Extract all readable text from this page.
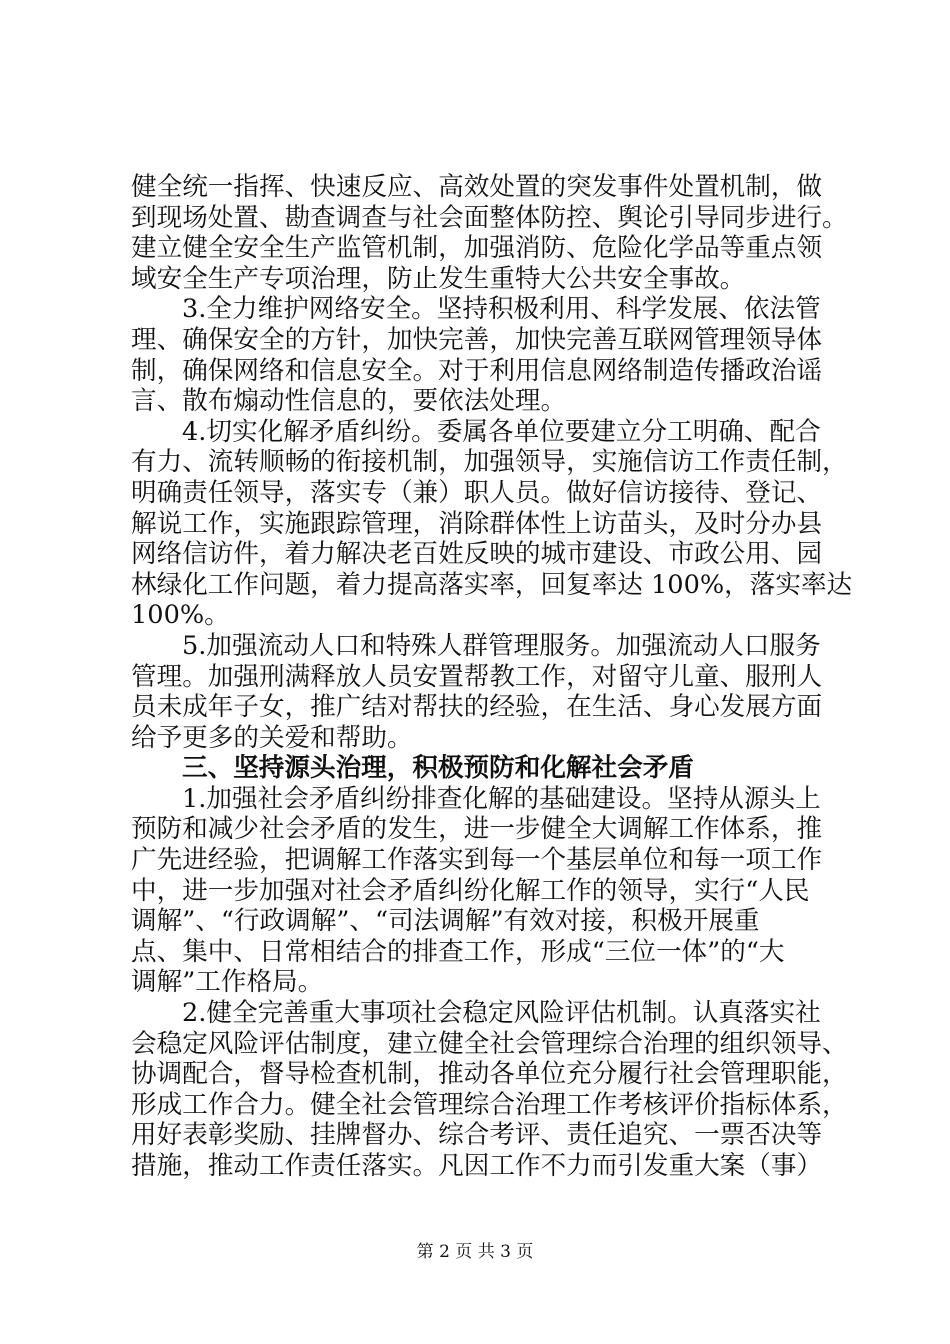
健全统一指挥、快速反应、高效处置的突发事件处置机制，做
到现场处置、勘查调查与社会面整体防控、舆论引导同步进行。
建立健全安全生产监管机制，加强消防、危险化学品等重点领
域安全生产专项治理，防止发生重特大公共安全事故。
3.全力维护网络安全。坚持积极利用、科学发展、依法管
理、确保安全的方针，加快完善，加快完善互联网管理领导体
制，确保网络和信息安全。对于利用信息网络制造传播政治谣
言、散布煽动性信息的，要依法处理。
4.切实化解矛盾纠纷。委属各单位要建立分工明确、配合
有力、流转顺畅的衔接机制，加强领导，实施信访工作责任制，
明确责任领导，落实专（兼）职人员。做好信访接待、登记、
解说工作，实施跟踪管理，消除群体性上访苗头，及时分办县
网络信访件，着力解决老百姓反映的城市建设、市政公用、园
林绿化工作问题，着力提高落实率，回复率达 100%，落实率达
100%。
5.加强流动人口和特殊人群管理服务。加强流动人口服务
管理。加强刑满释放人员安置帮教工作，对留守儿童、服刑人
员未成年子女，推广结对帮扶的经验，在生活、身心发展方面
给予更多的关爱和帮助。
三、坚持源头治理，积极预防和化解社会矛盾
1.加强社会矛盾纠纷排查化解的基础建设。坚持从源头上
预防和减少社会矛盾的发生，进一步健全大调解工作体系，推
广先进经验，把调解工作落实到每一个基层单位和每一项工作
中，进一步加强对社会矛盾纠纷化解工作的领导，实行“人民
调解”、“行政调解”、“司法调解”有效对接，积极开展重
点、集中、日常相结合的排查工作，形成“三位一体”的“大
调解”工作格局。
2.健全完善重大事项社会稳定风险评估机制。认真落实社
会稳定风险评估制度，建立健全社会管理综合治理的组织领导、
协调配合，督导检查机制，推动各单位充分履行社会管理职能，
形成工作合力。健全社会管理综合治理工作考核评价指标体系，
用好表彰奖励、挂牌督办、综合考评、责任追究、一票否决等
措施，推动工作责任落实。凡因工作不力而引发重大案（事）
第 2 页 共 3 页
